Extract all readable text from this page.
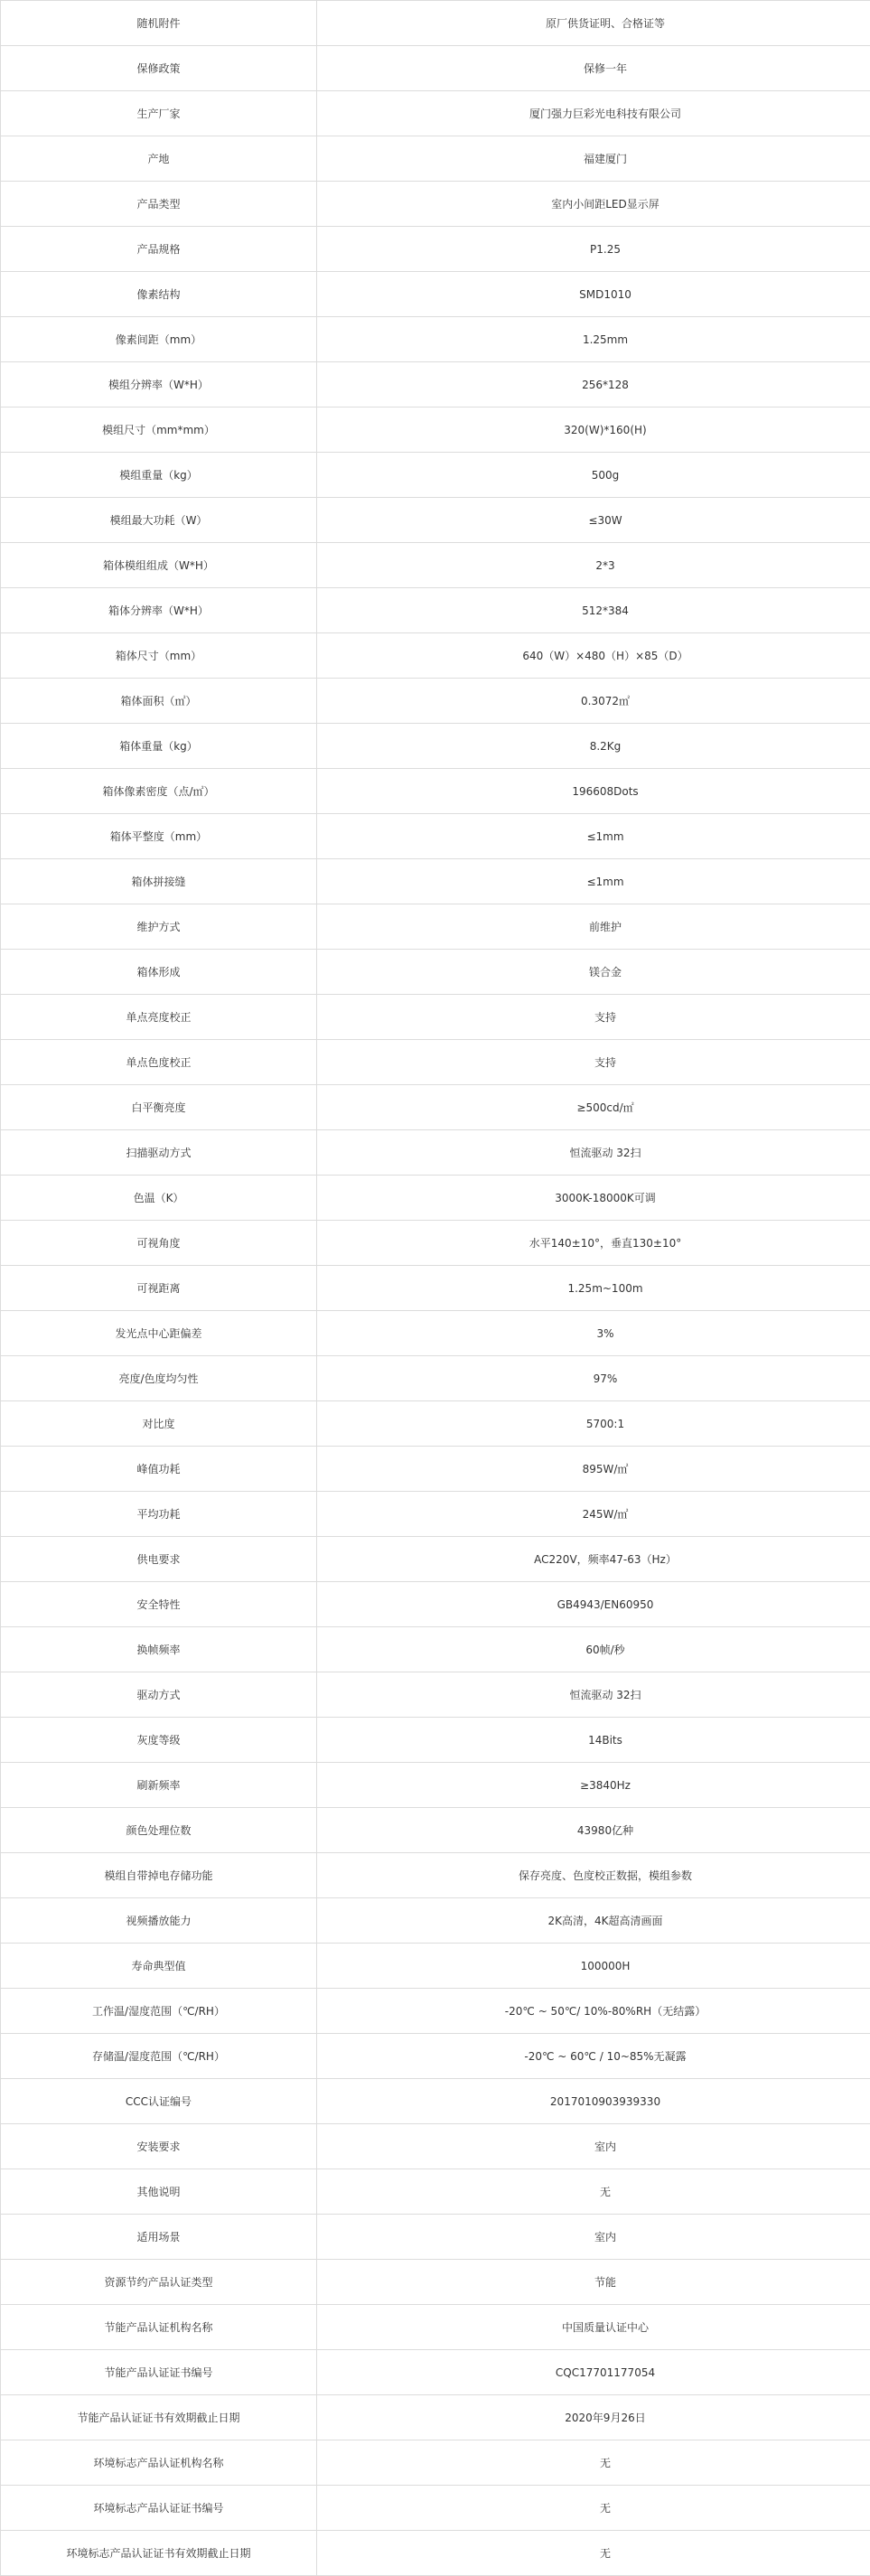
随机附件	原厂供货证明、合格证等
保修政策	保修一年
生产厂家	厦门强力巨彩光电科技有限公司
产地	福建厦门
产品类型	室内小间距LED显示屏
产品规格	P1.25
像素结构	SMD1010
像素间距（mm）	1.25mm
模组分辨率（W*H）	256*128
模组尺寸（mm*mm）	320(W)*160(H)
模组重量（kg）	500g
模组最大功耗（W）	≤30W
箱体模组组成（W*H）	2*3
箱体分辨率（W*H）	512*384
箱体尺寸（mm）	640（W）×480（H）×85（D）
箱体面积（㎡）	0.3072㎡
箱体重量（kg）	8.2Kg
箱体像素密度（点/㎡）	196608Dots
箱体平整度（mm）	≤1mm
箱体拼接缝	≤1mm
维护方式	前维护
箱体形成	镁合金
单点亮度校正	支持
单点色度校正	支持
白平衡亮度	≥500cd/㎡
扫描驱动方式	恒流驱动 32扫
色温（K）	3000K-18000K可调
可视角度	水平140±10°，垂直130±10°
可视距离	1.25m~100m
发光点中心距偏差	3%
亮度/色度均匀性	97%
对比度	5700:1
峰值功耗	895W/㎡
平均功耗	245W/㎡
供电要求	AC220V，频率47-63（Hz）
安全特性	GB4943/EN60950
换帧频率	60帧/秒
驱动方式	恒流驱动 32扫
灰度等级	14Bits
刷新频率	≥3840Hz
颜色处理位数	43980亿种
模组自带掉电存储功能	保存亮度、色度校正数据，模组参数
视频播放能力	2K高清，4K超高清画面
寿命典型值	100000H
工作温/湿度范围（℃/RH）	-20℃ ~ 50℃/ 10%-80%RH（无结露）
存储温/湿度范围（℃/RH）	-20℃ ~ 60℃ / 10~85%无凝露
CCC认证编号	2017010903939330
安装要求	室内
其他说明	无
适用场景	室内
资源节约产品认证类型	节能
节能产品认证机构名称	中国质量认证中心
节能产品认证证书编号	CQC17701177054
节能产品认证证书有效期截止日期	2020年9月26日
环境标志产品认证机构名称	无
环境标志产品认证证书编号	无
环境标志产品认证证书有效期截止日期	无
